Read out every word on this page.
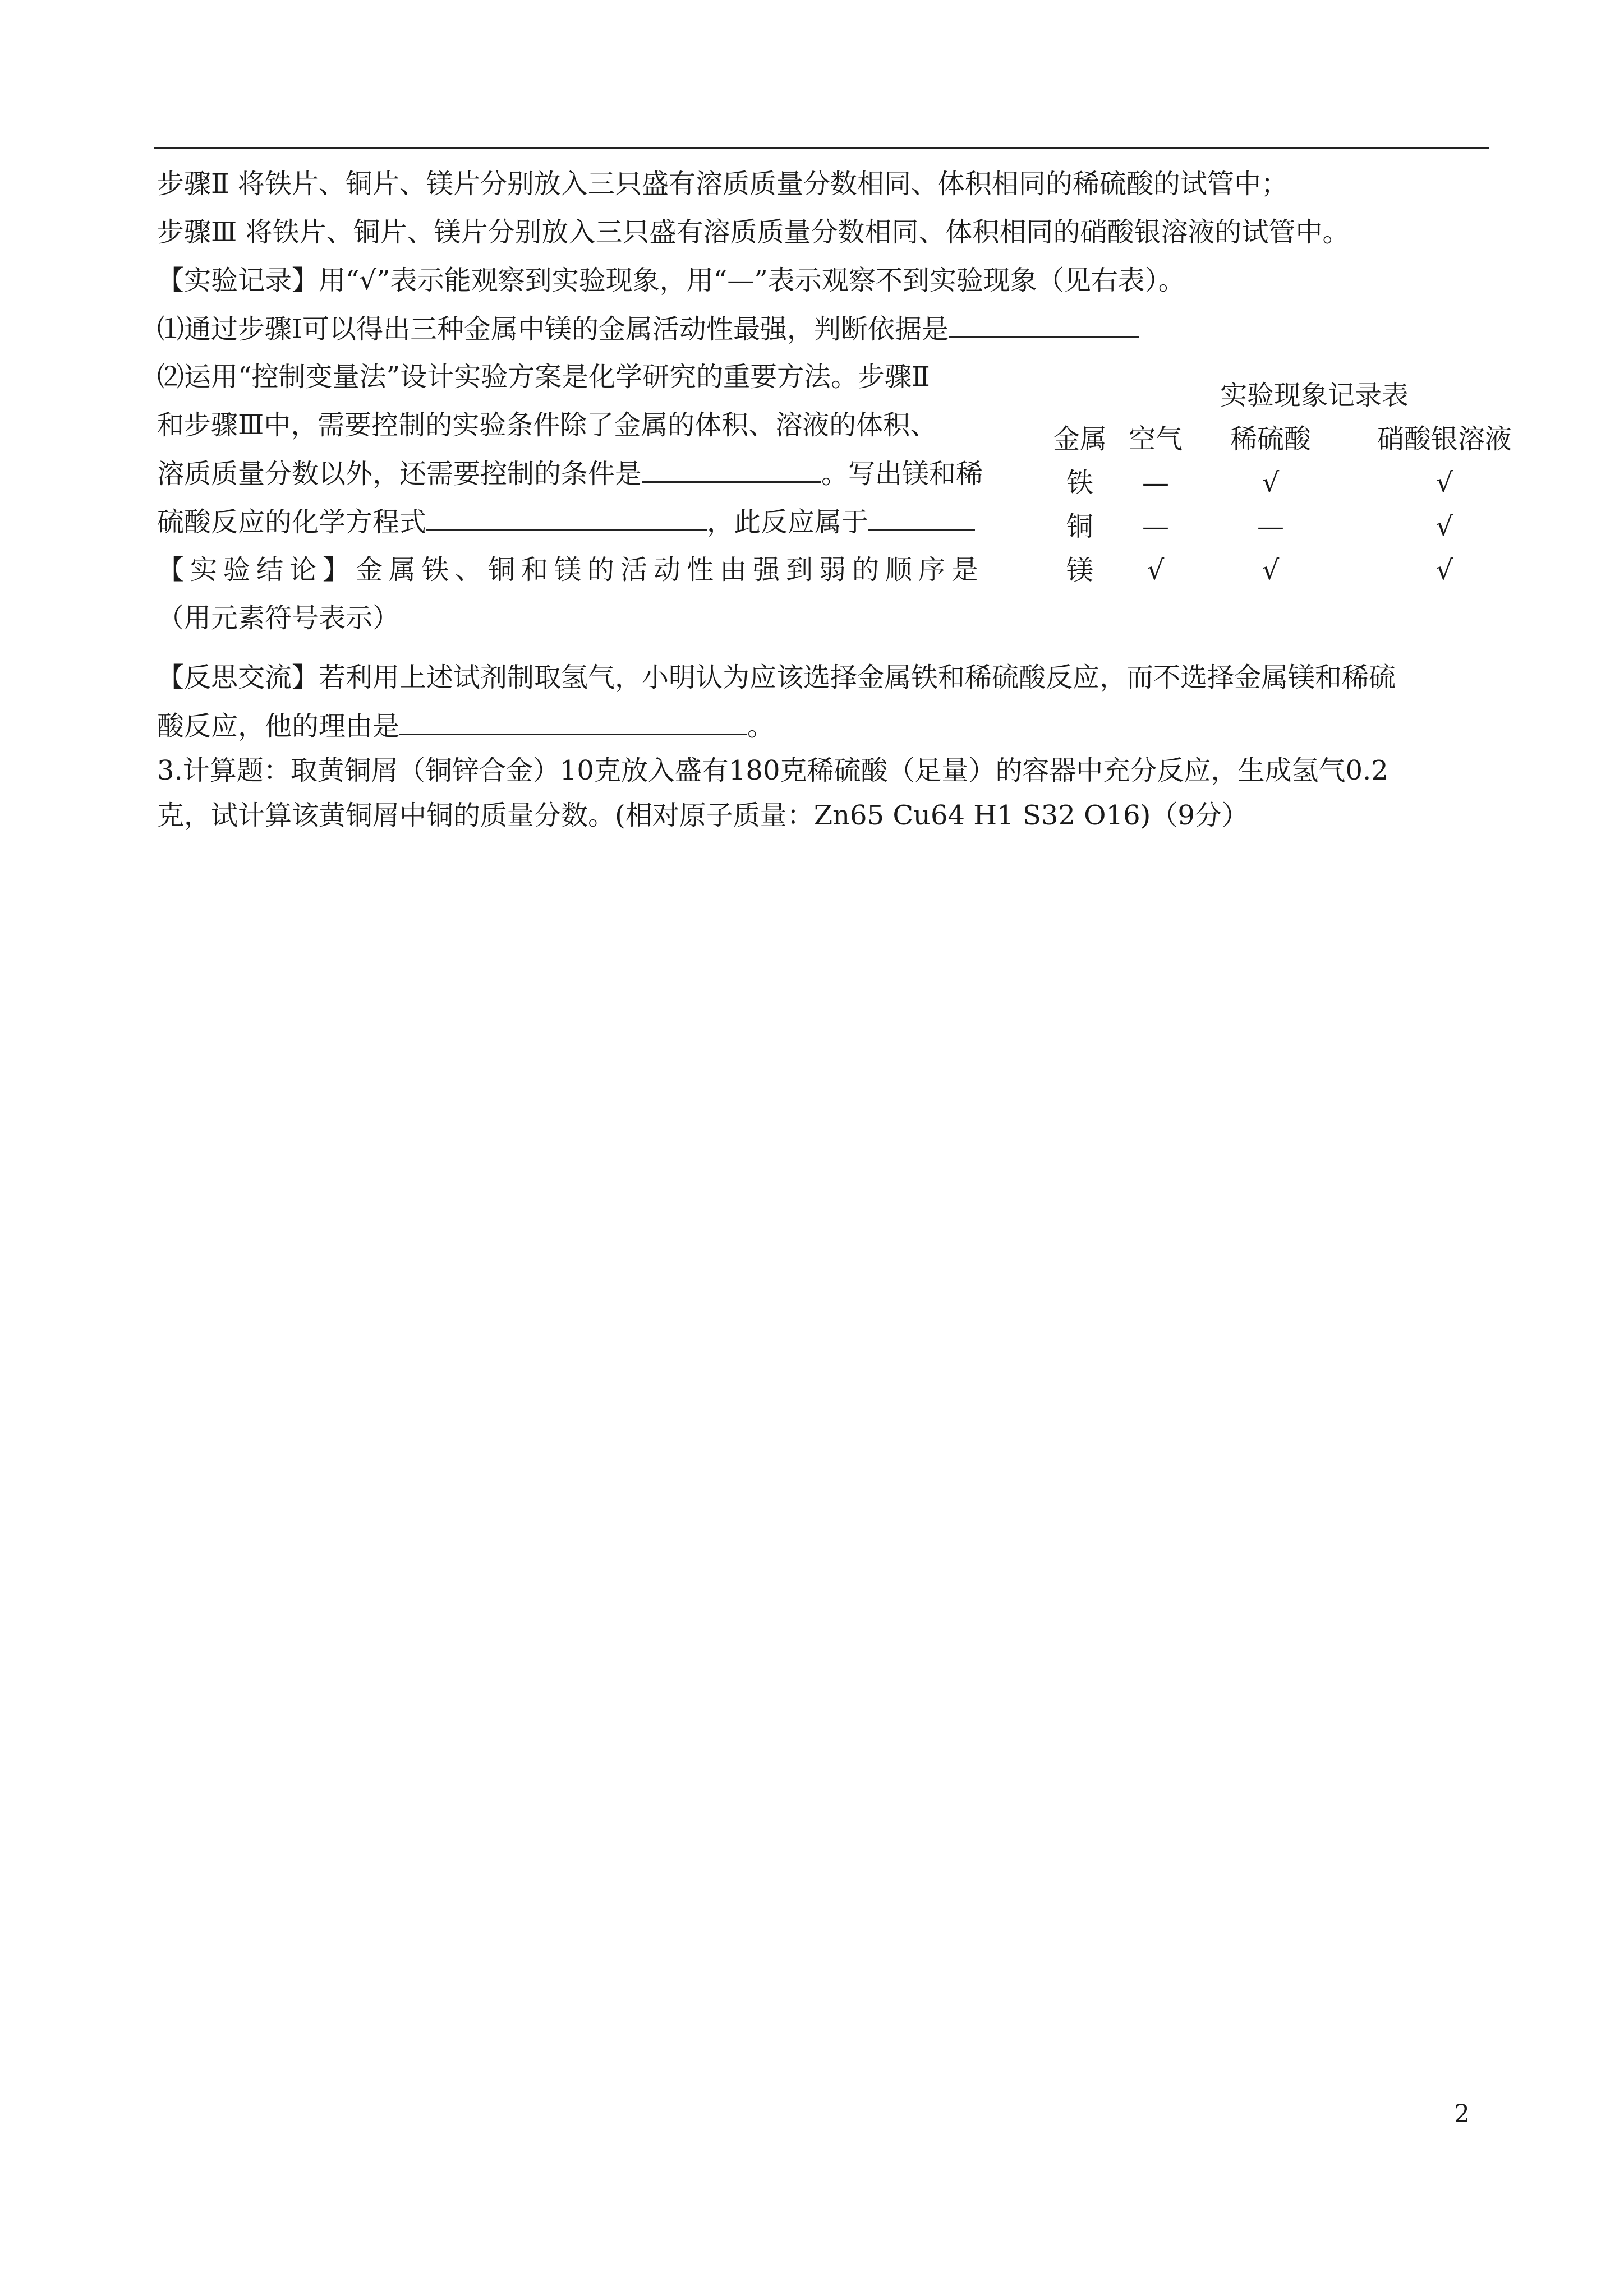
步骤Ⅱ 将铁片、铜片、镁片分别放入三只盛有溶质质量分数相同、体积相同的稀硫酸的试管中；
步骤Ⅲ 将铁片、铜片、镁片分别放入三只盛有溶质质量分数相同、体积相同的硝酸银溶液的试管中。
【实验记录】用“√”表示能观察到实验现象，用“—”表示观察不到实验现象（见右表）。
⑴通过步骤Ⅰ可以得出三种金属中镁的金属活动性最强，判断依据是
⑵运用“控制变量法”设计实验方案是化学研究的重要方法。步骤Ⅱ
和步骤Ⅲ中，需要控制的实验条件除了金属的体积、溶液的体积、
溶质质量分数以外，还需要控制的条件是	。写出镁和稀
硫酸反应的化学方程式	，此反应属于
【实验结论】金属铁、铜和镁的活动性由强到弱的顺序是
（用元素符号表示）
【反思交流】若利用上述试剂制取氢气，小明认为应该选择金属铁和稀硫酸反应，而不选择金属镁和稀硫
酸反应，他的理由是	。
3.计算题：取黄铜屑（铜锌合金）10克放入盛有180克稀硫酸（足量）的容器中充分反应，生成氢气0.2
克，试计算该黄铜屑中铜的质量分数。(相对原子质量：Zn65 Cu64 H1 S32 O16)（9分）
实验现象记录表
金属 空气	稀硫酸	硝酸银溶液
铁	—	√	√
铜	—	—	√
镁	√	√	√
2
